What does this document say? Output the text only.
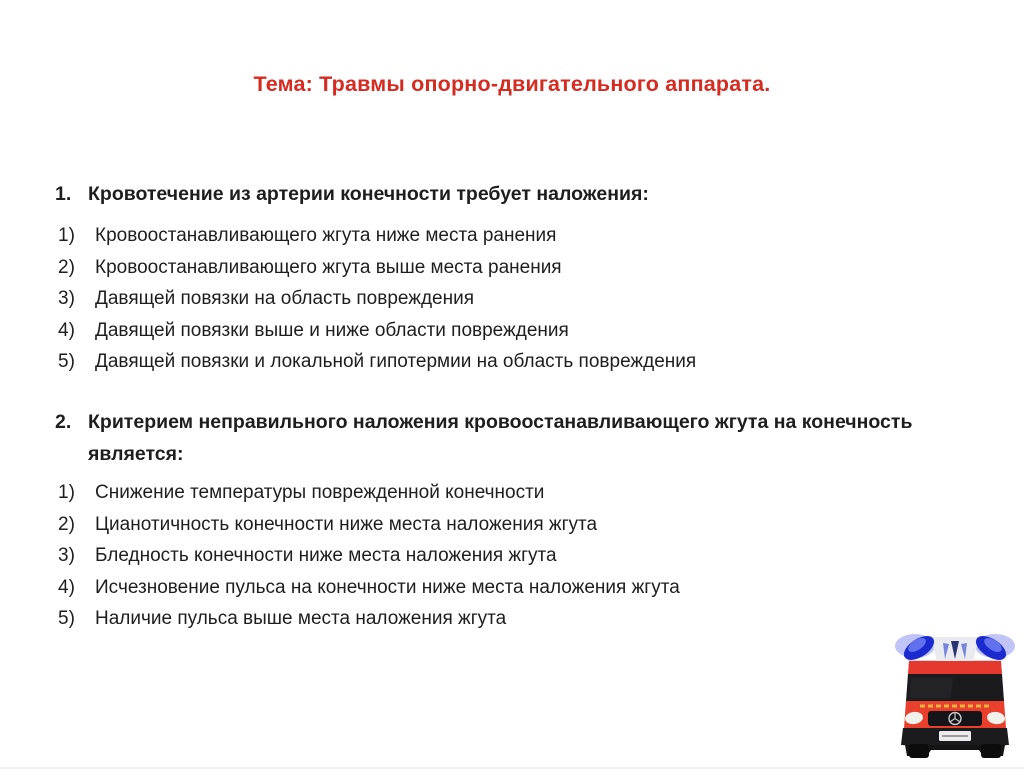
Тема: Травмы опорно-двигательного аппарата.
1. Кровотечение из артерии конечности требует наложения:
1)	Кровоостанавливающего жгута ниже места ранения
2)	Кровоостанавливающего жгута выше места ранения
3)	Давящей повязки на область повреждения
4)	Давящей повязки выше и ниже области повреждения
5)	Давящей повязки и локальной гипотермии на область повреждения
2. Критерием неправильного наложения кровоостанавливающего жгута на конечность является:
1)	Снижение температуры поврежденной конечности
2)	Цианотичность конечности ниже места наложения жгута
3)	Бледность конечности ниже места наложения жгута
4)	Исчезновение пульса на конечности ниже места наложения жгута
5)	Наличие пульса выше места наложения жгута
